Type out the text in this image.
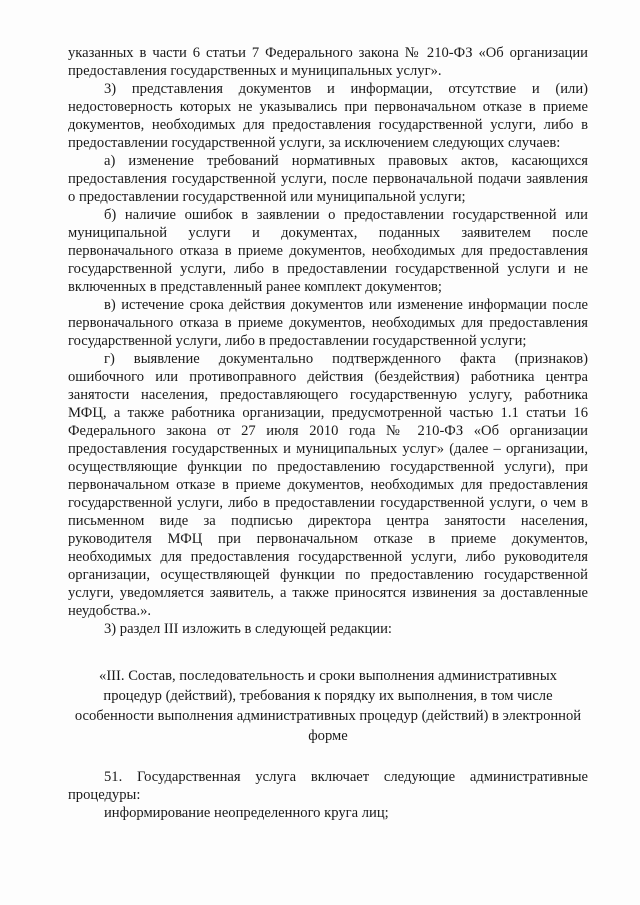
указанных в части 6 статьи 7 Федерального закона № 210-ФЗ «Об организации предоставления государственных и муниципальных услуг».

3) представления документов и информации, отсутствие и (или) недостоверность которых не указывались при первоначальном отказе в приеме документов, необходимых для предоставления государственной услуги, либо в предоставлении государственной услуги, за исключением следующих случаев:

а) изменение требований нормативных правовых актов, касающихся предоставления государственной услуги, после первоначальной подачи заявления о предоставлении государственной или муниципальной услуги;

б) наличие ошибок в заявлении о предоставлении государственной или муниципальной услуги и документах, поданных заявителем после первоначального отказа в приеме документов, необходимых для предоставления государственной услуги, либо в предоставлении государственной услуги и не включенных в представленный ранее комплект документов;

в) истечение срока действия документов или изменение информации после первоначального отказа в приеме документов, необходимых для предоставления государственной услуги, либо в предоставлении государственной услуги;

г) выявление документально подтвержденного факта (признаков) ошибочного или противоправного действия (бездействия) работника центра занятости населения, предоставляющего государственную услугу, работника МФЦ, а также работника организации, предусмотренной частью 1.1 статьи 16 Федерального закона от 27 июля 2010 года № 210-ФЗ «Об организации предоставления государственных и муниципальных услуг» (далее – организации, осуществляющие функции по предоставлению государственной услуги), при первоначальном отказе в приеме документов, необходимых для предоставления государственной услуги, либо в предоставлении государственной услуги, о чем в письменном виде за подписью директора центра занятости населения, руководителя МФЦ при первоначальном отказе в приеме документов, необходимых для предоставления государственной услуги, либо руководителя организации, осуществляющей функции по предоставлению государственной услуги, уведомляется заявитель, а также приносятся извинения за доставленные неудобства.».

3) раздел III изложить в следующей редакции:

«III. Состав, последовательность и сроки выполнения административных процедур (действий), требования к порядку их выполнения, в том числе особенности выполнения административных процедур (действий) в электронной форме

51. Государственная услуга включает следующие административные процедуры:

информирование неопределенного круга лиц;
